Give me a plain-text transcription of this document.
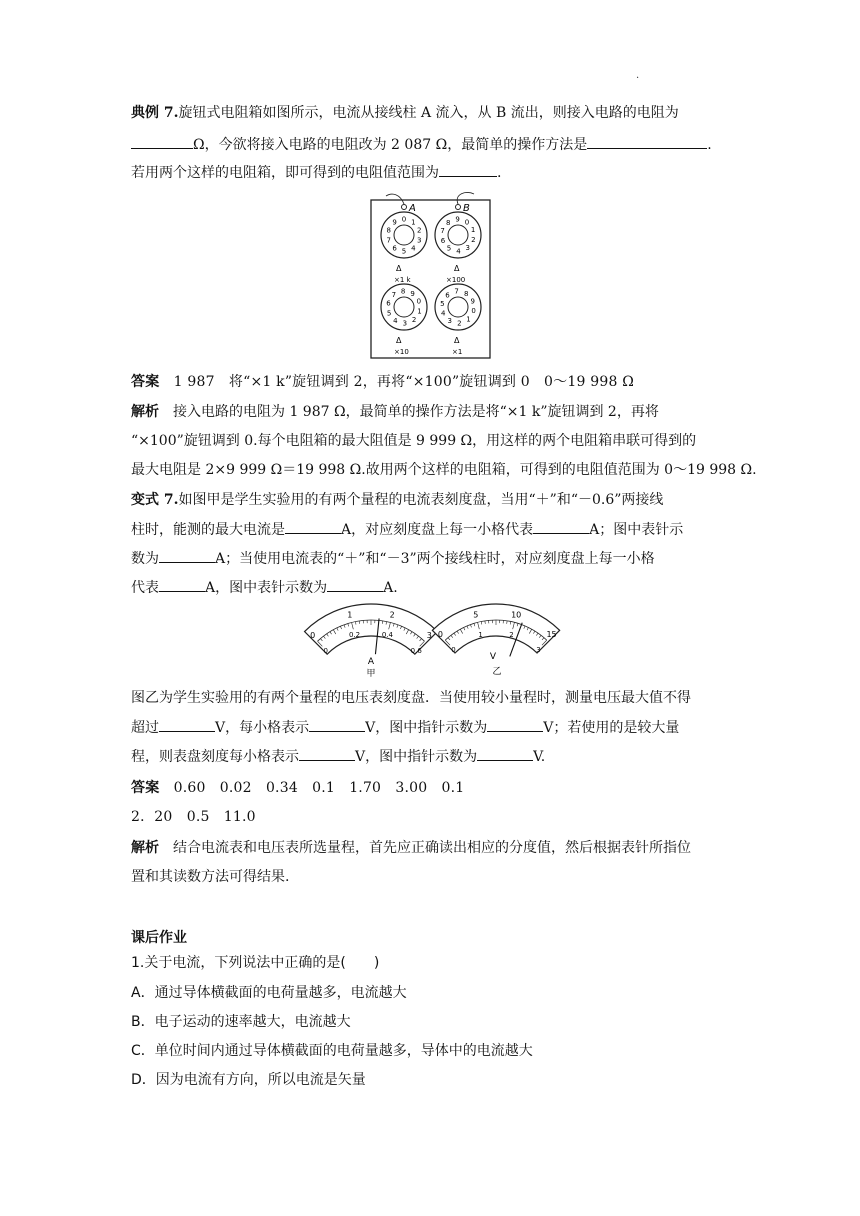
.
典例 7.旋钮式电阻箱如图所示，电流从接线柱 A 流入，从 B 流出，则接入电路的电阻为
Ω，今欲将接入电路的电阻改为 2 087 Ω，最简单的操作方法是	.
若用两个这样的电阻箱，即可得到的电阻值范围为	.
0 1
2
3
4
5
6
7
8
9	0
1
2
3
4
5
6
7
8 9
0
1
2
3
4
5
6
7 8 9
0
1
2
3
4
5
6 7 8
9
A	B
Δ	Δ
×1 k	×100
Δ	Δ
×10	×1
答案　 1 987　将“×1 k”旋钮调到 2，再将“×100”旋钮调到 0　0～19 998 Ω
解析　 接入电路的电阻为 1 987 Ω，最简单的操作方法是将“×1 k”旋钮调到 2，再将
“×100”旋钮调到 0.每个电阻箱的最大阻值是 9 999 Ω，用这样的两个电阻箱串联可得到的
最大电阻是 2×9 999 Ω＝19 998 Ω.故用两个这样的电阻箱，可得到的电阻值范围为 0～19 998 Ω.
变式 7.如图甲是学生实验用的有两个量程的电流表刻度盘，当用“＋”和“－0.6”两接线
柱时，能测的最大电流是	A，对应刻度盘上每一小格代表	A；图中表针示
数为	A；当使用电流表的“＋”和“－3”两个接线柱时，对应刻度盘上每一小格
代表	A，图中表针示数为	A.
0
1	2
3
0
0.2	0.4
0.6
0
5	10
15
0
1	2
3
A
甲
V
乙
图乙为学生实验用的有两个量程的电压表刻度盘．当使用较小量程时，测量电压最大值不得
超过	V，每小格表示	V，图中指针示数为	V；若使用的是较大量
程，则表盘刻度每小格表示	V，图中指针示数为	V.
答案　 0.60　0.02　0.34　0.1　1.70　3.00　0.1
2．20　0.5　11.0
解析　 结合电流表和电压表所选量程，首先应正确读出相应的分度值，然后根据表针所指位
置和其读数方法可得结果.
课后作业
1.关于电流，下列说法中正确的是(　　)
A．通过导体横截面的电荷量越多，电流越大
B．电子运动的速率越大，电流越大
C．单位时间内通过导体横截面的电荷量越多，导体中的电流越大
D．因为电流有方向，所以电流是矢量
